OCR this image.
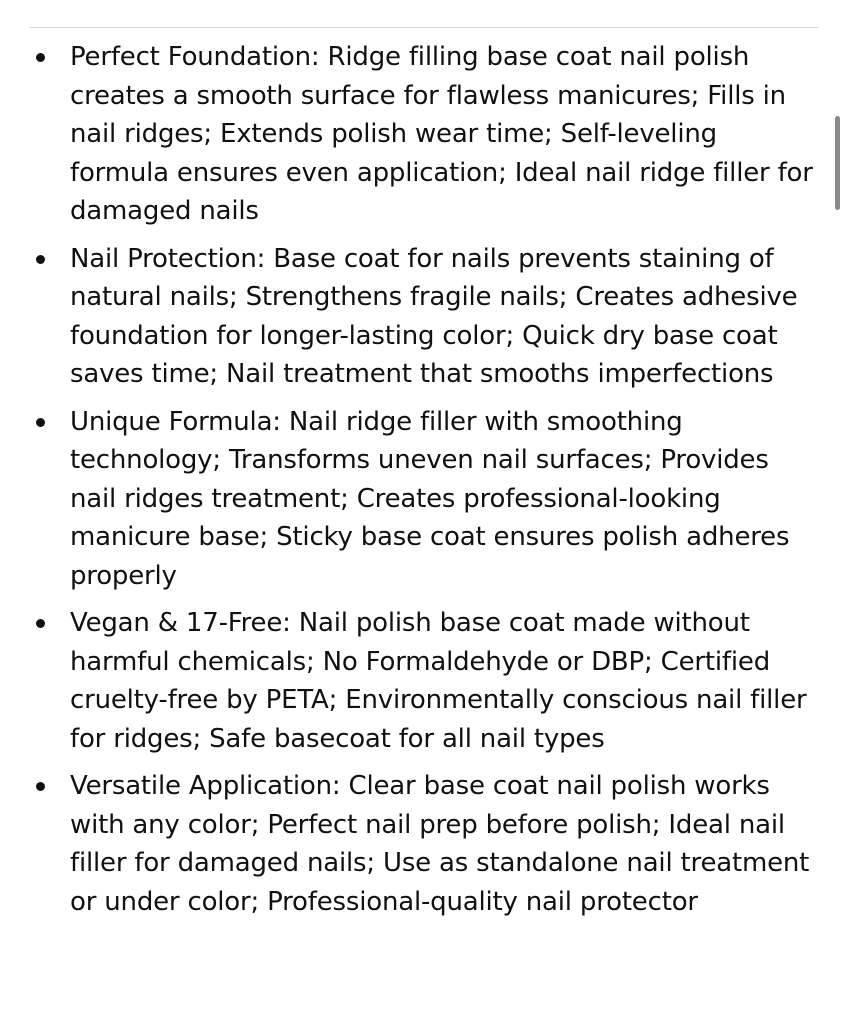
Perfect Foundation: Ridge filling base coat nail polish creates a smooth surface for flawless manicures; Fills in nail ridges; Extends polish wear time; Self-leveling formula ensures even application; Ideal nail ridge filler for damaged nails
Nail Protection: Base coat for nails prevents staining of natural nails; Strengthens fragile nails; Creates adhesive foundation for longer-lasting color; Quick dry base coat saves time; Nail treatment that smooths imperfections
Unique Formula: Nail ridge filler with smoothing technology; Transforms uneven nail surfaces; Provides nail ridges treatment; Creates professional-looking manicure base; Sticky base coat ensures polish adheres properly
Vegan & 17-Free: Nail polish base coat made without harmful chemicals; No Formaldehyde or DBP; Certified cruelty-free by PETA; Environmentally conscious nail filler for ridges; Safe basecoat for all nail types
Versatile Application: Clear base coat nail polish works with any color; Perfect nail prep before polish; Ideal nail filler for damaged nails; Use as standalone nail treatment or under color; Professional-quality nail protector
